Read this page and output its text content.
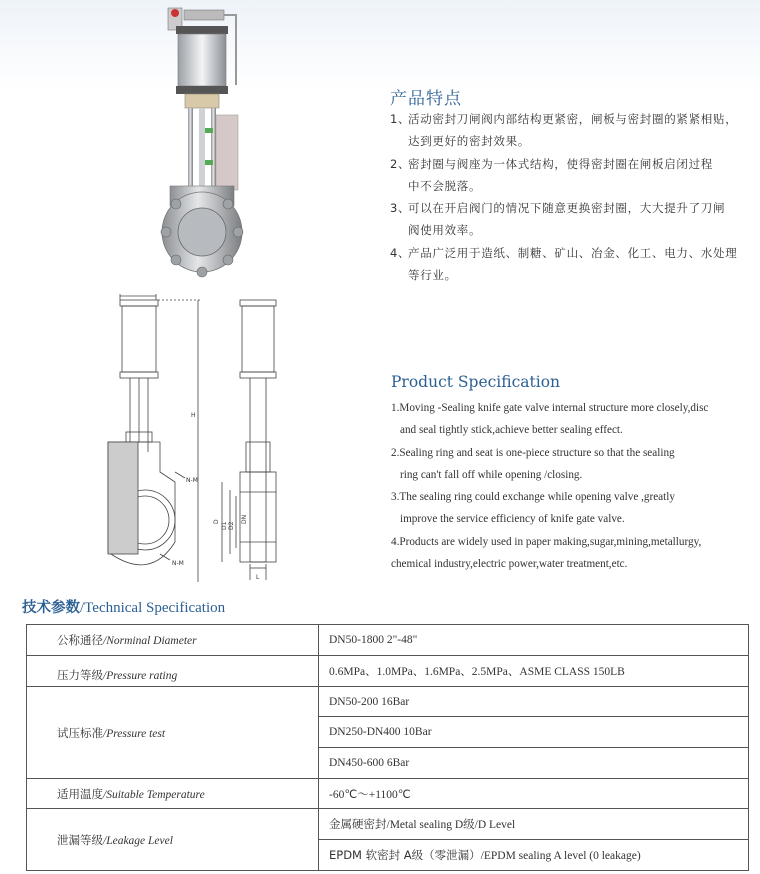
H
N-M
N-M
D D1 D2
DN
L
产品特点
1、活动密封刀闸阀内部结构更紧密，闸板与密封圈的紧紧相贴，
达到更好的密封效果。
2、密封圈与阀座为一体式结构，使得密封圈在闸板启闭过程
中不会脱落。
3、可以在开启阀门的情况下随意更换密封圈，大大提升了刀闸
阀使用效率。
4、产品广泛用于造纸、制糖、矿山、冶金、化工、电力、水处理
等行业。
Product Specification
1.Moving -Sealing knife gate valve internal structure more closely,disc
and seal tightly stick,achieve better sealing effect.
2.Sealing ring and seat is one-piece structure so that the sealing
ring can't fall off while opening /closing.
3.The sealing ring could exchange while opening valve ,greatly
improve the service efficiency of knife gate valve.
4.Products are widely used in paper making,sugar,mining,metallurgy,
chemical industry,electric power,water treatment,etc.
技术参数/Technical Specification
公称通径/Norminal Diameter	DN50-1800 2"-48"
压力等级/Pressure rating	0.6MPa、1.0MPa、1.6MPa、2.5MPa、ASME CLASS 150LB
试压标准/Pressure test	DN50-200 16Bar
	DN250-DN400 10Bar
	DN450-600 6Bar
适用温度/Suitable Temperature	-60℃～+1100℃
泄漏等级/Leakage Level	金属硬密封/Metal sealing D级/D Level
	EPDM 软密封 A级（零泄漏）/EPDM sealing A level (0 leakage)
